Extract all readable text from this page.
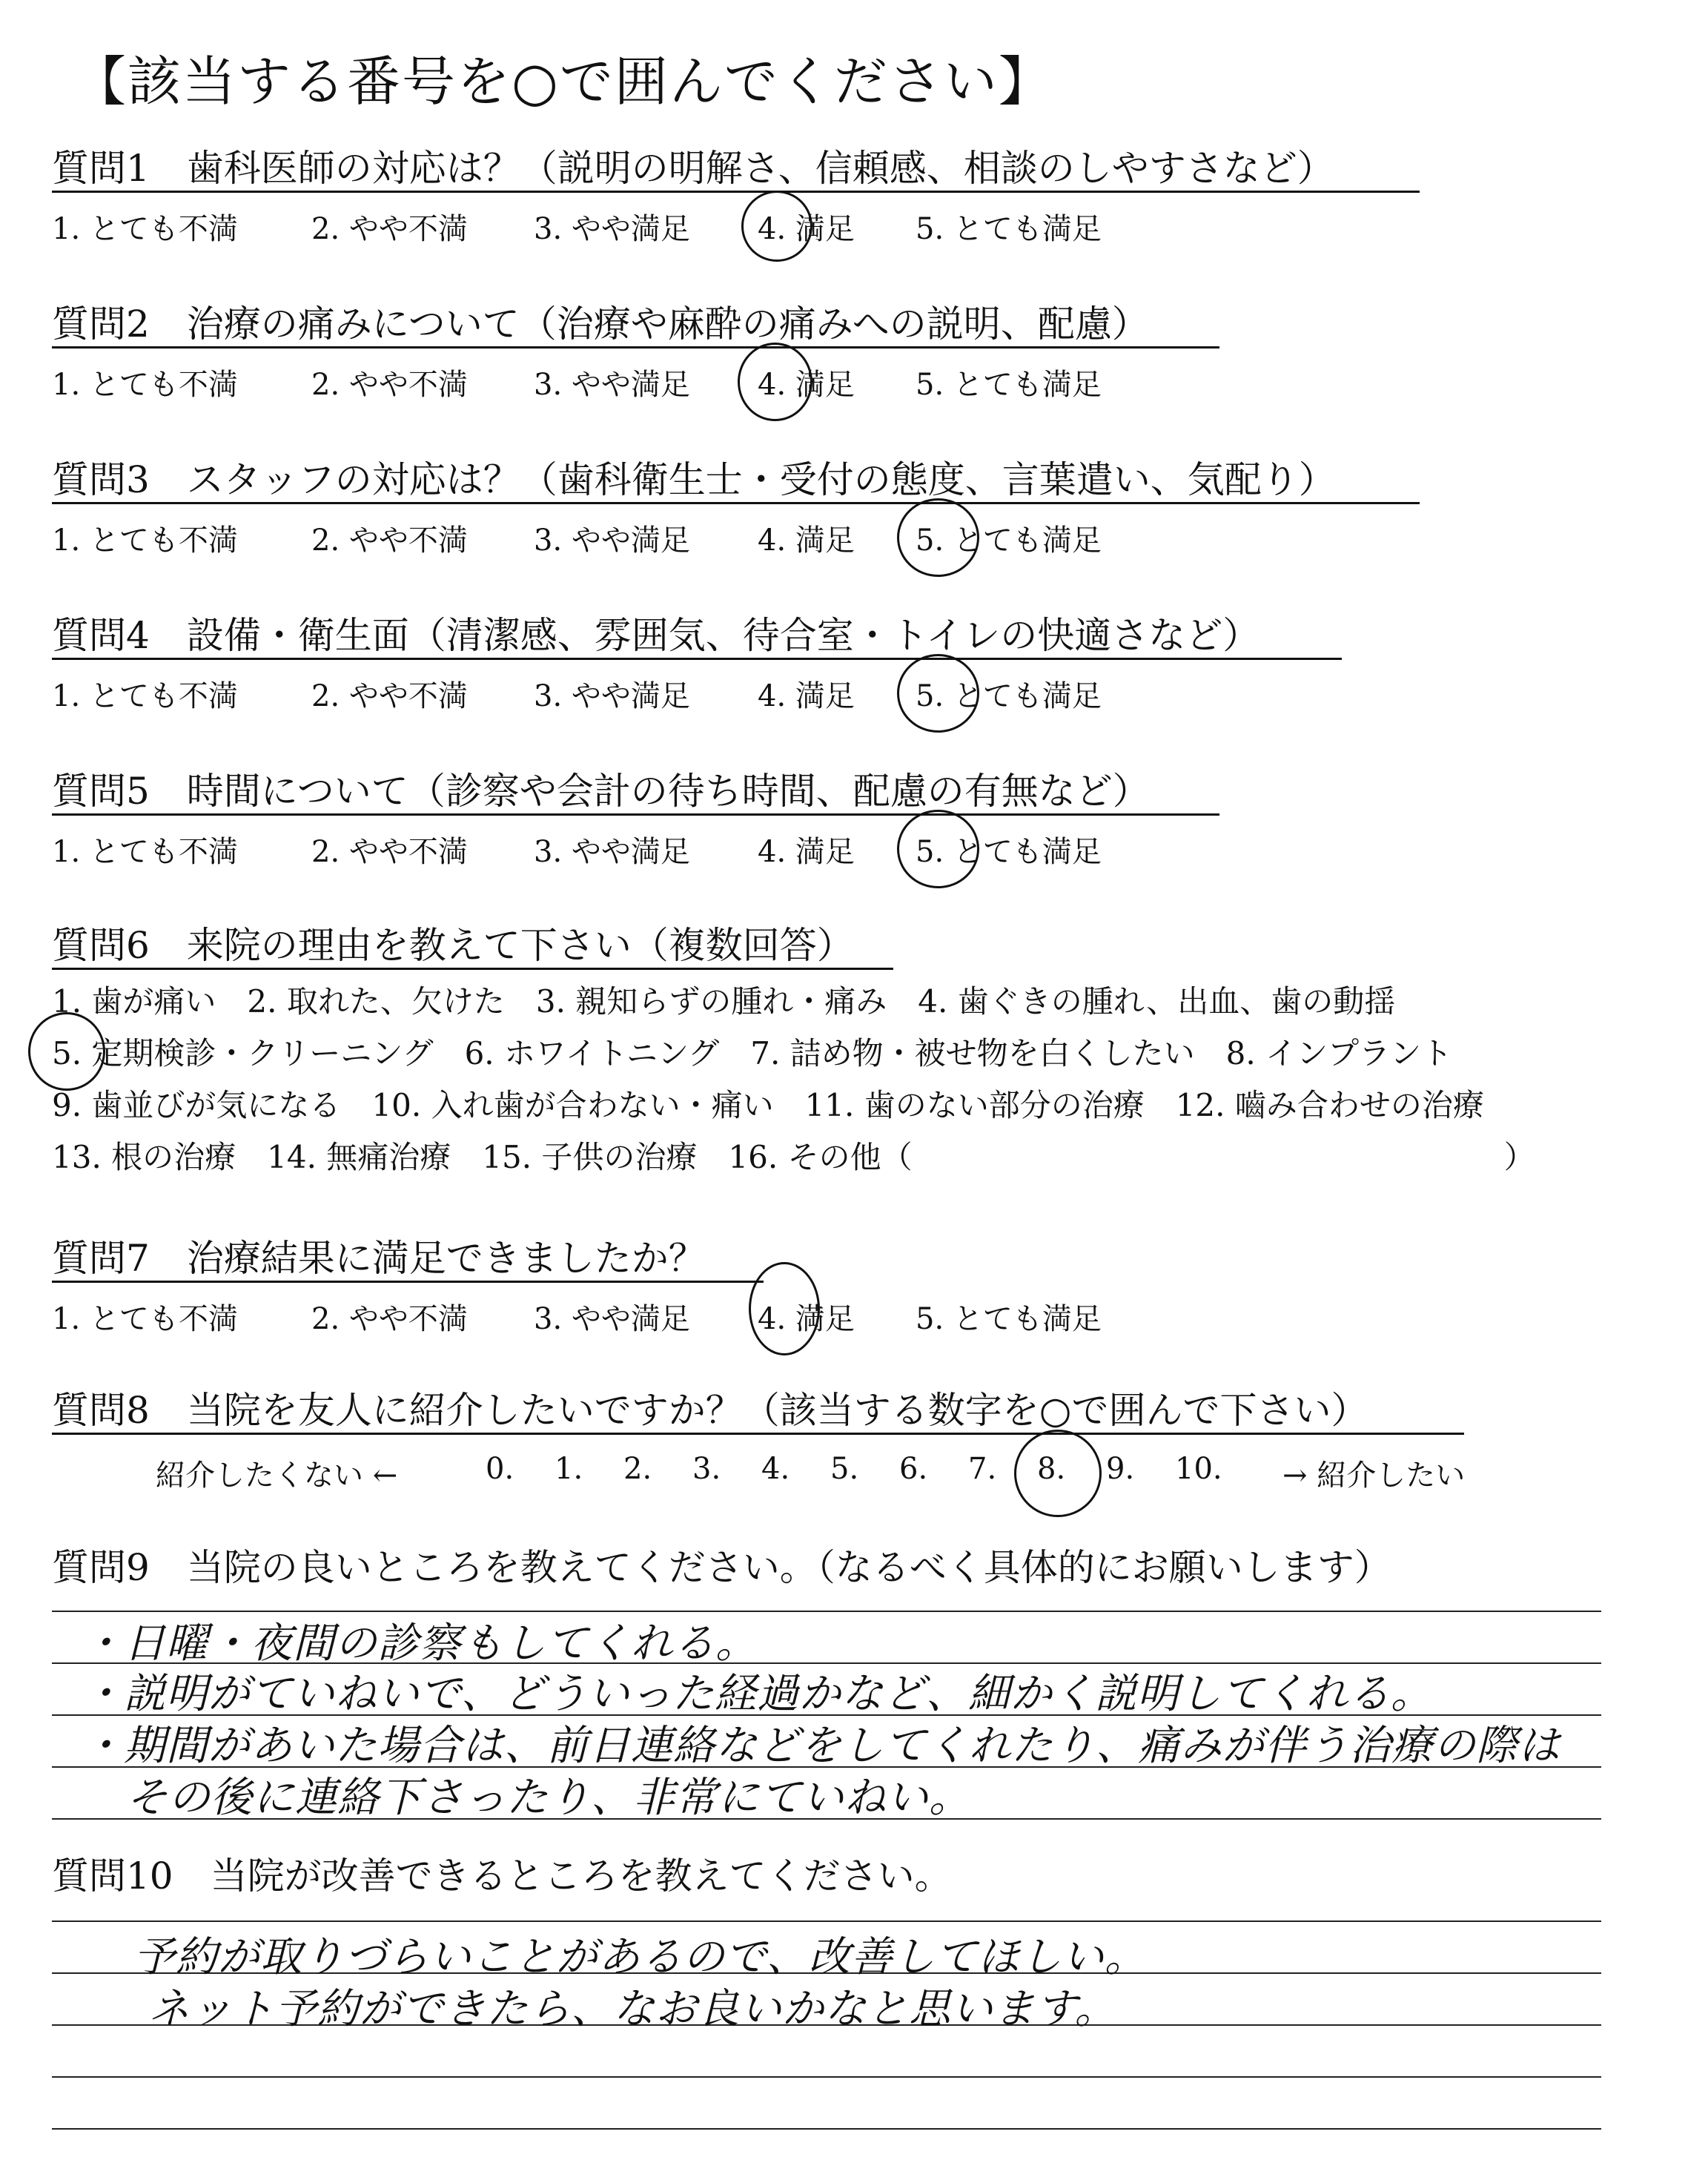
【該当する番号を○で囲んでください】
質問1　歯科医師の対応は？（説明の明解さ、信頼感、相談のしやすさなど）
1. とても不満 2. やや不満 3. やや満足 4. 満足 5. とても満足
質問2　治療の痛みについて（治療や麻酔の痛みへの説明、配慮）
1. とても不満 2. やや不満 3. やや満足 4. 満足 5. とても満足
質問3　スタッフの対応は？（歯科衛生士・受付の態度、言葉遣い、気配り）
1. とても不満 2. やや不満 3. やや満足 4. 満足 5. とても満足
質問4　設備・衛生面（清潔感、雰囲気、待合室・トイレの快適さなど）
1. とても不満 2. やや不満 3. やや満足 4. 満足 5. とても満足
質問5　時間について（診察や会計の待ち時間、配慮の有無など）
1. とても不満 2. やや不満 3. やや満足 4. 満足 5. とても満足
質問6　来院の理由を教えて下さい（複数回答）
1. 歯が痛い　2. 取れた、欠けた　3. 親知らずの腫れ・痛み　4. 歯ぐきの腫れ、出血、歯の動揺
5. 定期検診・クリーニング　6. ホワイトニング　7. 詰め物・被せ物を白くしたい　8. インプラント
9. 歯並びが気になる　10. 入れ歯が合わない・痛い　11. 歯のない部分の治療　12. 嚙み合わせの治療
13. 根の治療　14. 無痛治療　15. 子供の治療　16. その他（　　　　　　　　　　　　　　　　　　　）
質問7　治療結果に満足できましたか？
1. とても不満 2. やや不満 3. やや満足 4. 満足 5. とても満足
質問8　当院を友人に紹介したいですか？（該当する数字を○で囲んで下さい）
紹介したくない ←	0. 1. 2. 3. 4. 5. 6. 7. 8. 9. 10. → 紹介したい
質問9　当院の良いところを教えてください。（なるべく具体的にお願いします）
・日曜・夜間の診察もしてくれる。
・説明がていねいで、どういった経過かなど、細かく説明してくれる。
・期間があいた場合は、前日連絡などをしてくれたり、痛みが伴う治療の際は
その後に連絡下さったり、非常にていねい。
質問10　当院が改善できるところを教えてください。
予約が取りづらいことがあるので、改善してほしい。
ネット予約ができたら、なお良いかなと思います。
